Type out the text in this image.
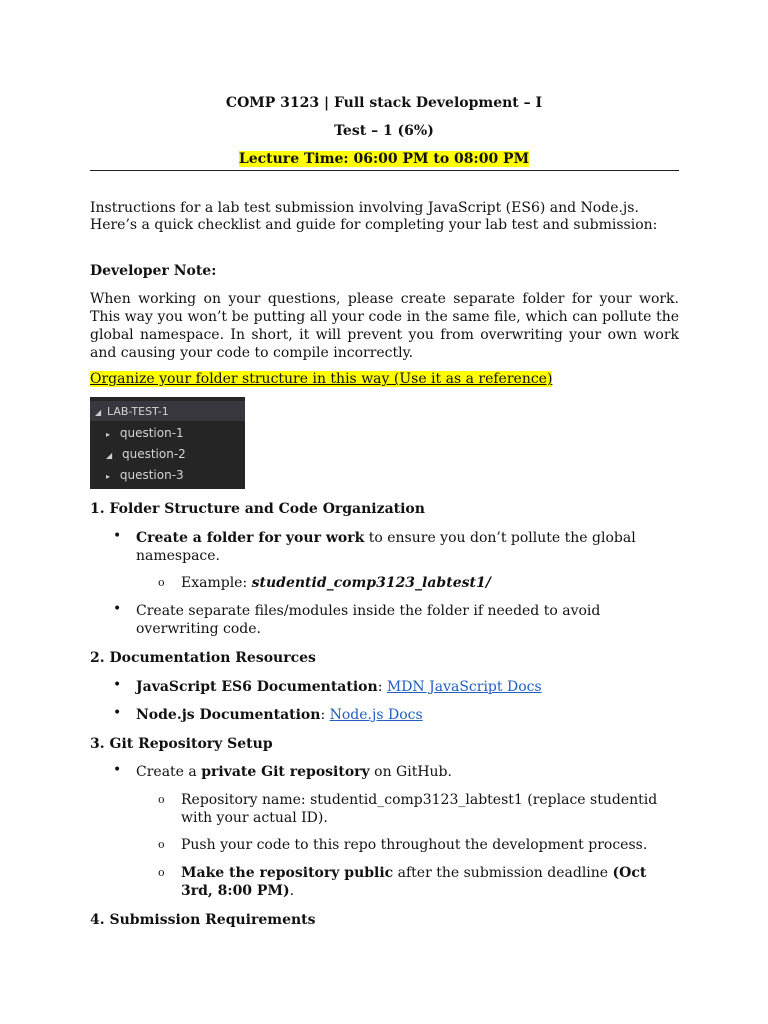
COMP 3123 | Full stack Development – I
Test – 1 (6%)
Lecture Time: 06:00 PM to 08:00 PM
Instructions for a lab test submission involving JavaScript (ES6) and Node.js.
Here’s a quick checklist and guide for completing your lab test and submission:
Developer Note:
When working on your questions, please create separate folder for your work. This way you won’t be putting all your code in the same file, which can pollute the global namespace. In short, it will prevent you from overwriting your own work and causing your code to compile incorrectly.
Organize your folder structure in this way (Use it as a reference)
◢ LAB-TEST-1
▸ question-1
◢ question-2
▸ question-3
1. Folder Structure and Code Organization
• Create a folder for your work to ensure you don’t pollute the global
namespace.
o Example: studentid_comp3123_labtest1/
• Create separate files/modules inside the folder if needed to avoid
overwriting code.
2. Documentation Resources
• JavaScript ES6 Documentation: MDN JavaScript Docs
• Node.js Documentation: Node.js Docs
3. Git Repository Setup
• Create a private Git repository on GitHub.
o Repository name: studentid_comp3123_labtest1 (replace studentid
with your actual ID).
o Push your code to this repo throughout the development process.
o Make the repository public after the submission deadline (Oct
3rd, 8:00 PM).
4. Submission Requirements
